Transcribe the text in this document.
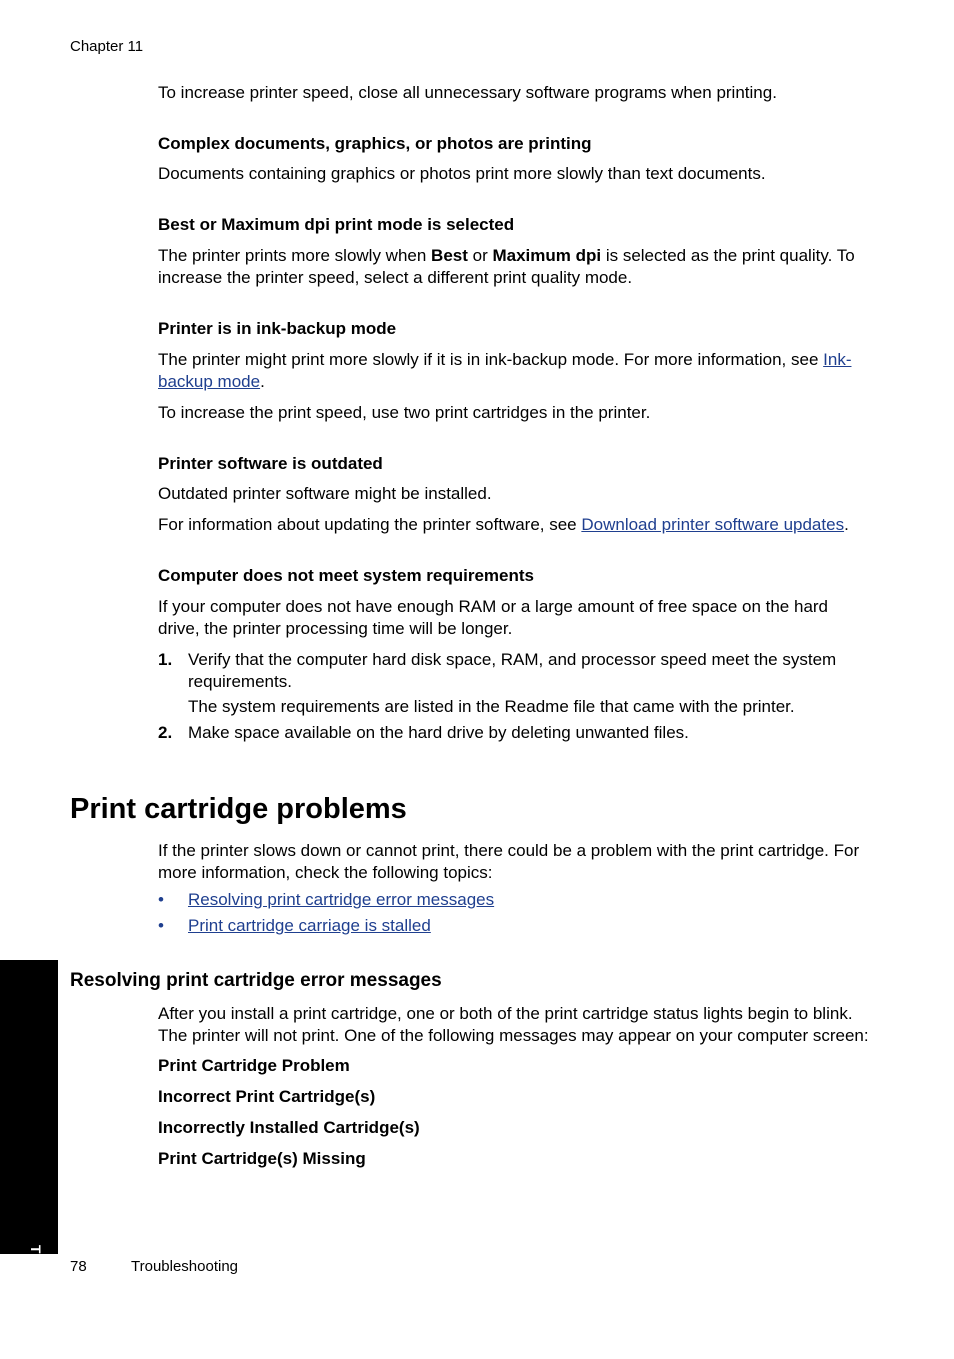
Chapter 11

To increase printer speed, close all unnecessary software programs when printing.

Complex documents, graphics, or photos are printing

Documents containing graphics or photos print more slowly than text documents.

Best or Maximum dpi print mode is selected

The printer prints more slowly when Best or Maximum dpi is selected as the print quality. To increase the printer speed, select a different print quality mode.

Printer is in ink-backup mode

The printer might print more slowly if it is in ink-backup mode. For more information, see Ink-backup mode.

To increase the print speed, use two print cartridges in the printer.

Printer software is outdated

Outdated printer software might be installed.

For information about updating the printer software, see Download printer software updates.

Computer does not meet system requirements

If your computer does not have enough RAM or a large amount of free space on the hard drive, the printer processing time will be longer.

1. Verify that the computer hard disk space, RAM, and processor speed meet the system requirements.

The system requirements are listed in the Readme file that came with the printer.

2. Make space available on the hard drive by deleting unwanted files.
Print cartridge problems

If the printer slows down or cannot print, there could be a problem with the print cartridge. For more information, check the following topics:

• Resolving print cartridge error messages
• Print cartridge carriage is stalled
Resolving print cartridge error messages

After you install a print cartridge, one or both of the print cartridge status lights begin to blink. The printer will not print. One of the following messages may appear on your computer screen:

Print Cartridge Problem

Incorrect Print Cartridge(s)

Incorrectly Installed Cartridge(s)

Print Cartridge(s) Missing

Troubleshooting 78	Troubleshooting
